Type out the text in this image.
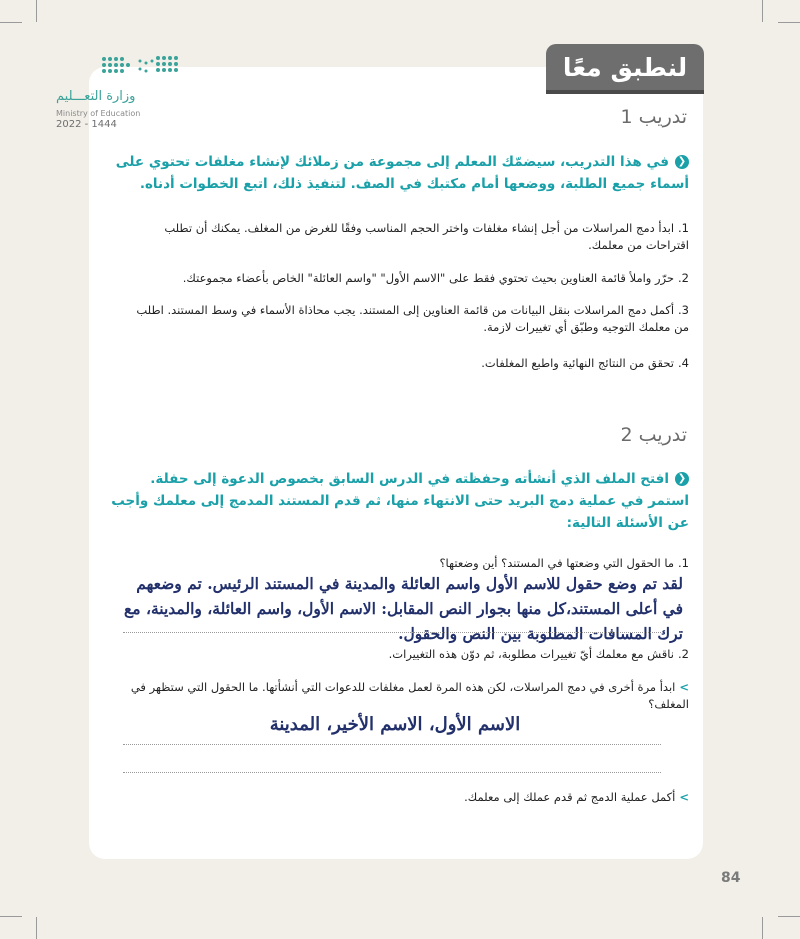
وزارة التعـــليم
Ministry of Education
2022 - 1444
لنطبق معًا
تدريب 1
❮في هذا التدريب، سيضمّك المعلم إلى مجموعة من زملائك لإنشاء مغلفات تحتوي على أسماء جميع الطلبة، ووضعها أمام مكتبك في الصف. لتنفيذ ذلك، اتبع الخطوات أدناه.
1.ابدأ دمج المراسلات من أجل إنشاء مغلفات واختر الحجم المناسب وفقًا للغرض من المغلف. يمكنك أن تطلب اقتراحات من معلمك.
2.حرّر واملأ قائمة العناوين بحيث تحتوي فقط على "الاسم الأول" "واسم العائلة" الخاص بأعضاء مجموعتك.
3.أكمل دمج المراسلات بنقل البيانات من قائمة العناوين إلى المستند. يجب محاذاة الأسماء في وسط المستند. اطلب من معلمك التوجيه وطبّق أي تغييرات لازمة.
4.تحقق من النتائج النهائية واطبع المغلفات.
تدريب 2
❮افتح الملف الذي أنشأته وحفظته في الدرس السابق بخصوص الدعوة إلى حفلة. استمر في عملية دمج البريد حتى الانتهاء منها، ثم قدم المستند المدمج إلى معلمك وأجب عن الأسئلة التالية:
1.ما الحقول التي وضعتها في المستند؟ أين وضعتها؟
لقد تم وضع حقول للاسم الأول واسم العائلة والمدينة في المستند الرئيس. تم وضعهم في أعلى المستند،كل منها بجوار النص المقابل: الاسم الأول، واسم العائلة، والمدينة، مع ترك المسافات المطلوبة بين النص والحقول.
2.ناقش مع معلمك أيّ تغييرات مطلوبة، ثم دوّن هذه التغييرات.
>ابدأ مرة أخرى في دمج المراسلات، لكن هذه المرة لعمل مغلفات للدعوات التي أنشأتها. ما الحقول التي ستظهر في المغلف؟
الاسم الأول، الاسم الأخير، المدينة
>أكمل عملية الدمج ثم قدم عملك إلى معلمك.
84
